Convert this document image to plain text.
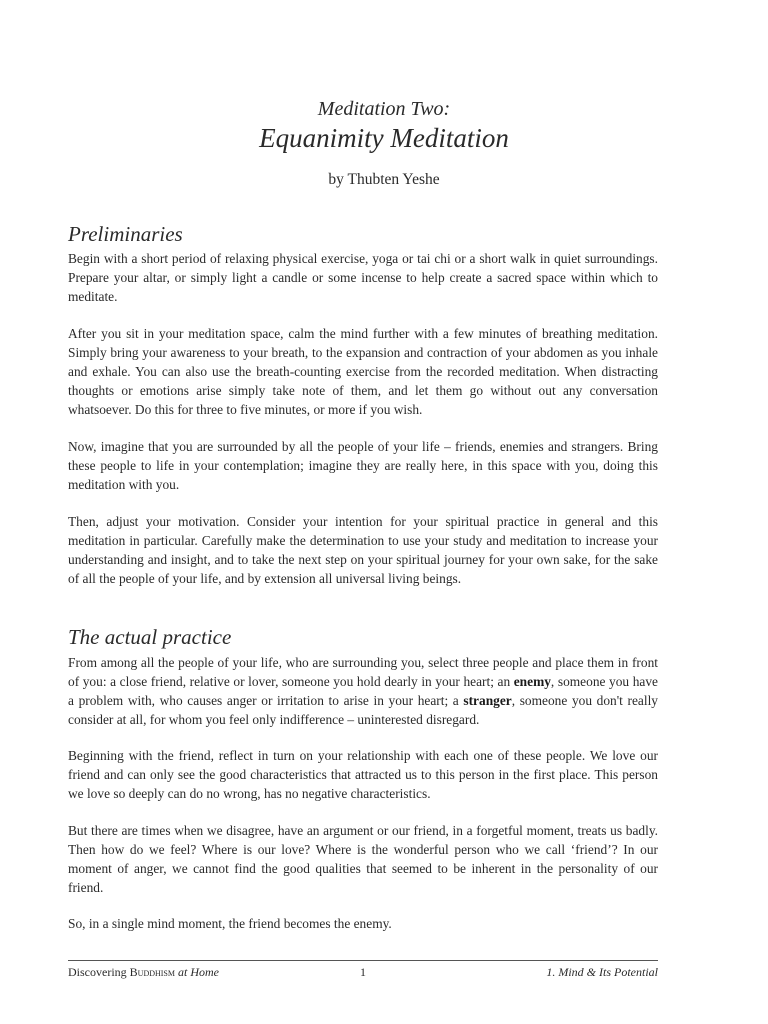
Meditation Two:
Equanimity Meditation
by Thubten Yeshe
Preliminaries

Begin with a short period of relaxing physical exercise, yoga or tai chi or a short walk in quiet surroundings. Prepare your altar, or simply light a candle or some incense to help create a sacred space within which to meditate.

After you sit in your meditation space, calm the mind further with a few minutes of breathing meditation. Simply bring your awareness to your breath, to the expansion and contraction of your abdomen as you inhale and exhale. You can also use the breath-counting exercise from the recorded meditation. When distracting thoughts or emotions arise simply take note of them, and let them go without out any conversation whatsoever. Do this for three to five minutes, or more if you wish.

Now, imagine that you are surrounded by all the people of your life – friends, enemies and strangers. Bring these people to life in your contemplation; imagine they are really here, in this space with you, doing this meditation with you.

Then, adjust your motivation. Consider your intention for your spiritual practice in general and this meditation in particular. Carefully make the determination to use your study and meditation to increase your understanding and insight, and to take the next step on your spiritual journey for your own sake, for the sake of all the people of your life, and by extension all universal living beings.

The actual practice

From among all the people of your life, who are surrounding you, select three people and place them in front of you: a close friend, relative or lover, someone you hold dearly in your heart; an enemy, someone you have a problem with, who causes anger or irritation to arise in your heart; a stranger, someone you don't really consider at all, for whom you feel only indifference – uninterested disregard.

Beginning with the friend, reflect in turn on your relationship with each one of these people. We love our friend and can only see the good characteristics that attracted us to this person in the first place. This person we love so deeply can do no wrong, has no negative characteristics.

But there are times when we disagree, have an argument or our friend, in a forgetful moment, treats us badly. Then how do we feel? Where is our love? Where is the wonderful person who we call ‘friend’? In our moment of anger, we cannot find the good qualities that seemed to be inherent in the personality of our friend.

So, in a single mind moment, the friend becomes the enemy.

Discovering Buddhism at Home	1	1. Mind & Its Potential
